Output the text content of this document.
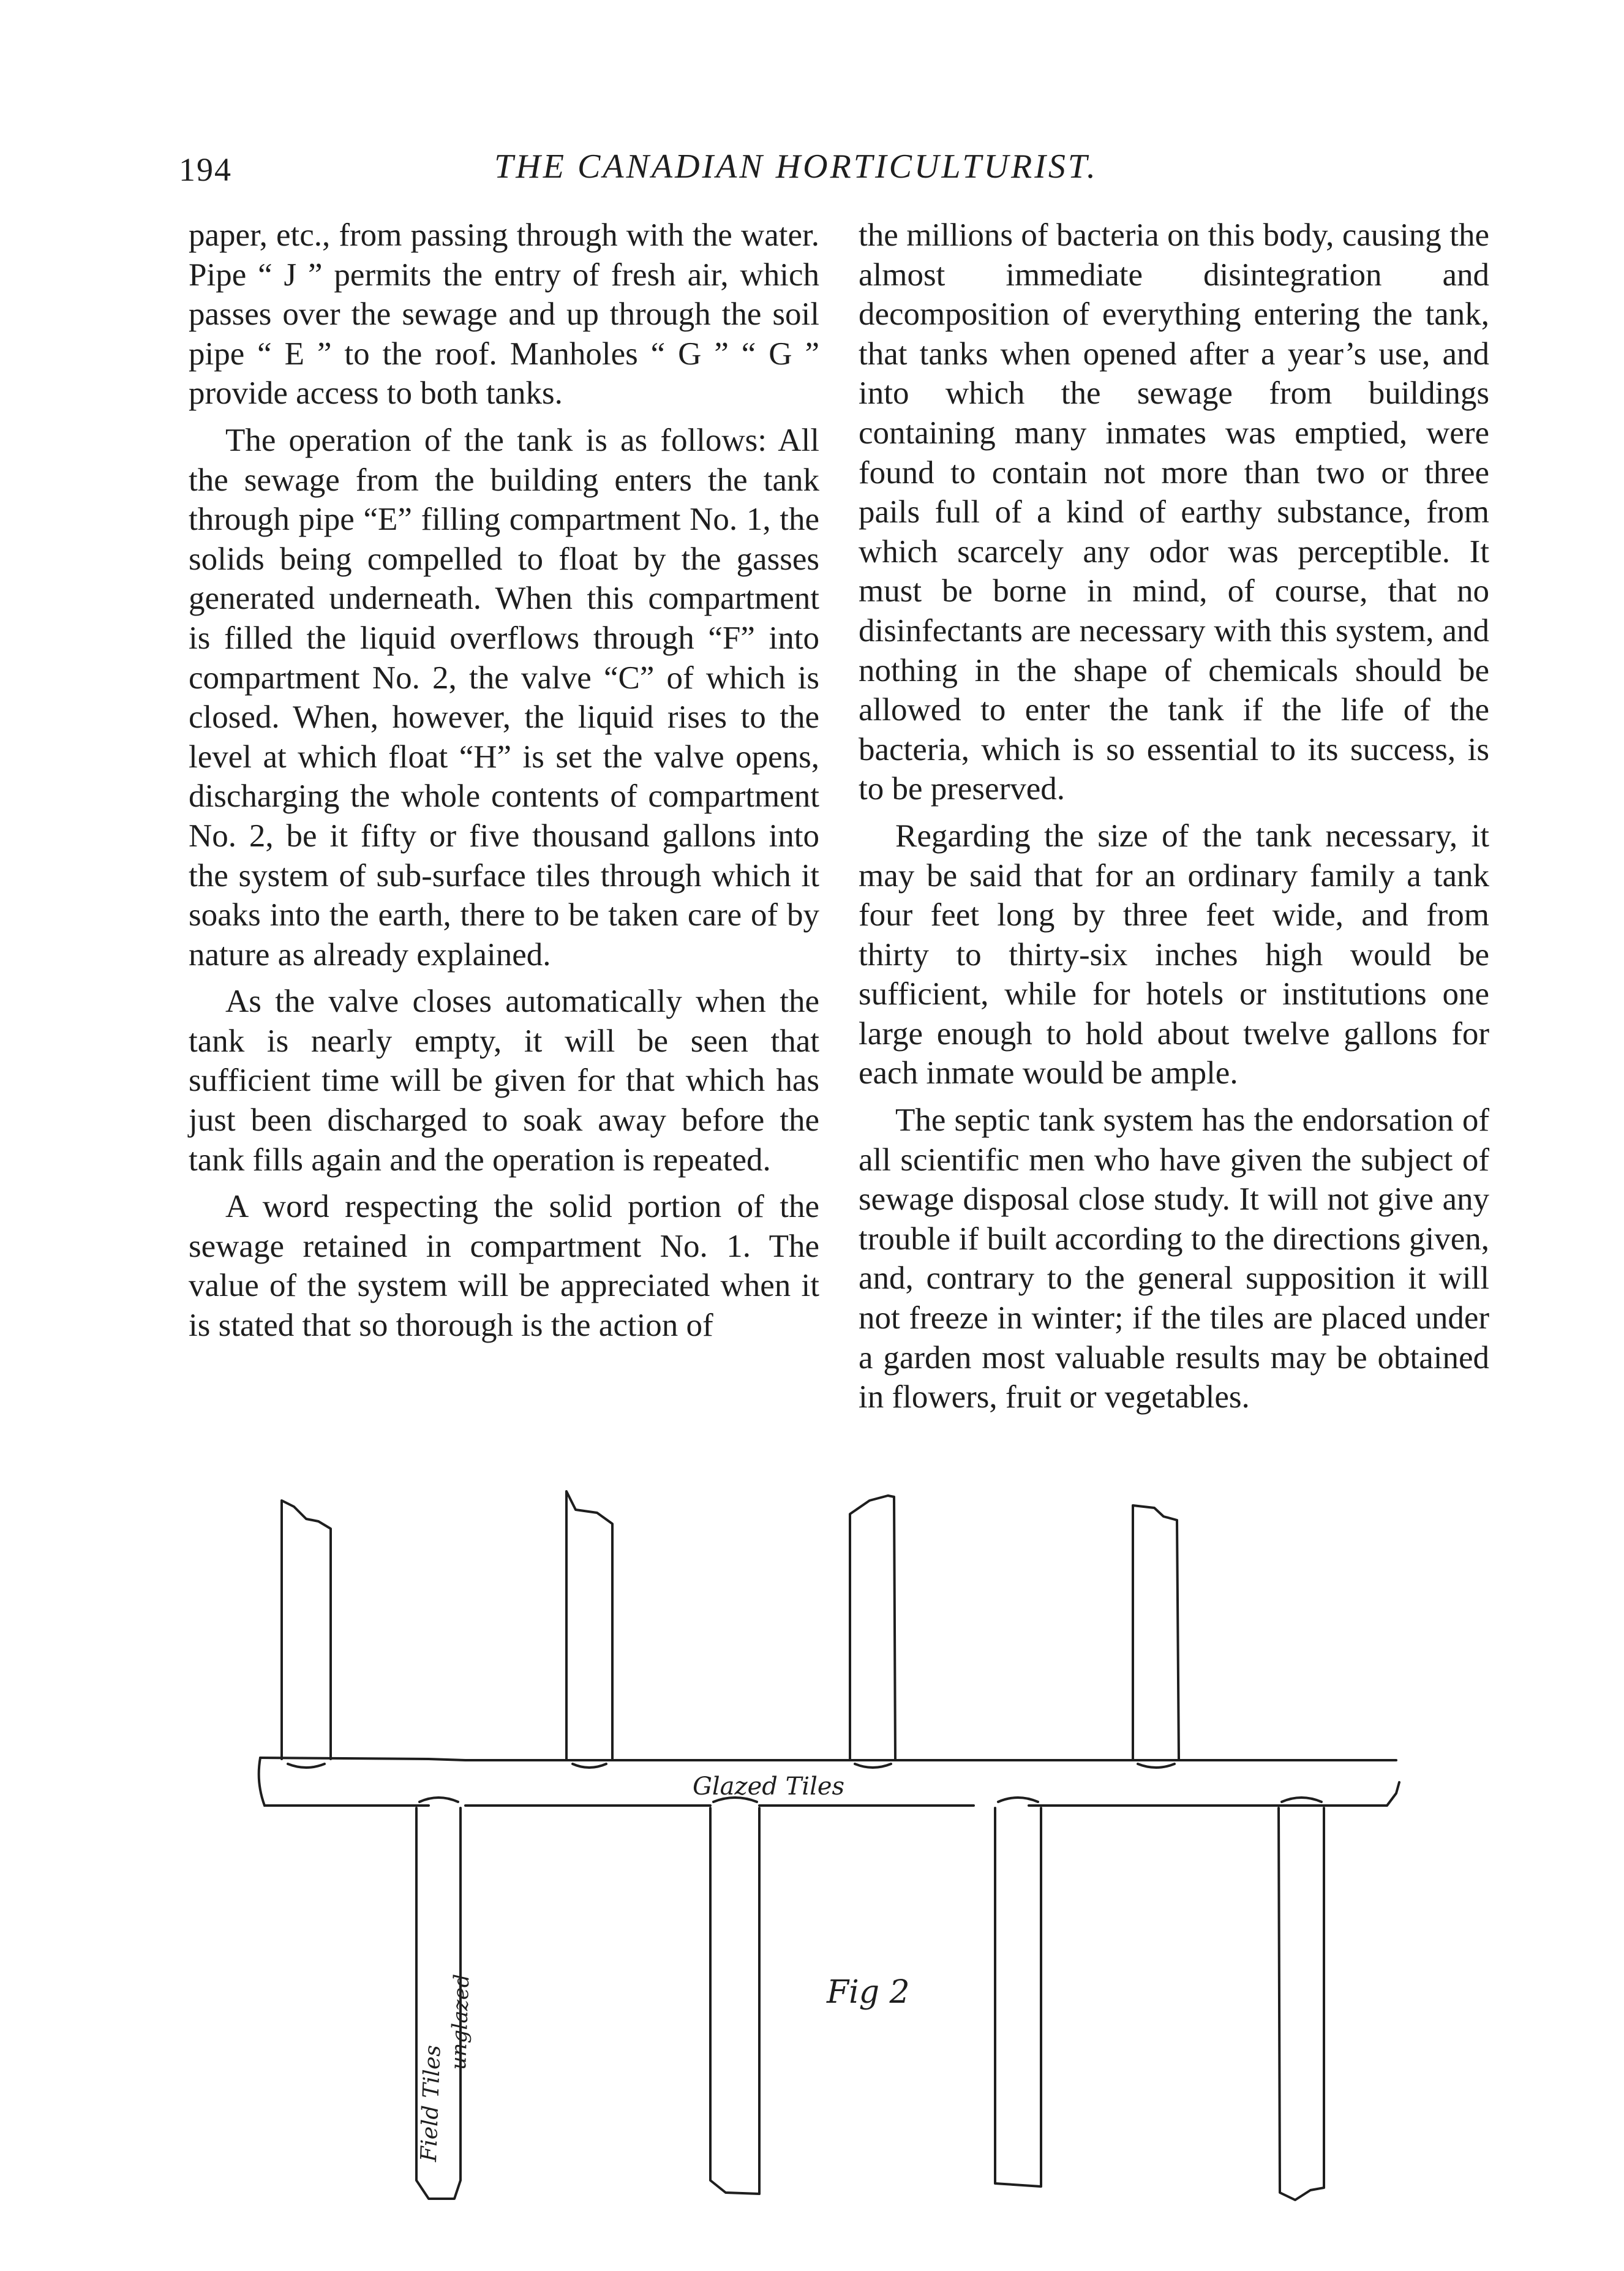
194	THE CANADIAN HORTICULTURIST.

paper, etc., from passing through with the water. Pipe “ J ” permits the entry of fresh air, which passes over the sewage and up through the soil pipe “ E ” to the roof. Manholes “ G ” “ G ” provide access to both tanks.

The operation of the tank is as follows: All the sewage from the building enters the tank through pipe “E” filling compartment No. 1, the solids being compelled to float by the gasses generated underneath. When this compartment is filled the liquid overflows through “F” into compartment No. 2, the valve “C” of which is closed. When, however, the liquid rises to the level at which float “H” is set the valve opens, discharging the whole contents of compartment No. 2, be it fifty or five thousand gallons into the system of sub-surface tiles through which it soaks into the earth, there to be taken care of by nature as already explained.

As the valve closes automatically when the tank is nearly empty, it will be seen that sufficient time will be given for that which has just been discharged to soak away before the tank fills again and the operation is repeated.

A word respecting the solid portion of the sewage retained in compartment No. 1. The value of the system will be appreciated when it is stated that so thorough is the action of

the millions of bacteria on this body, causing the almost immediate disintegration and decomposition of everything entering the tank, that tanks when opened after a year’s use, and into which the sewage from buildings containing many inmates was emptied, were found to contain not more than two or three pails full of a kind of earthy substance, from which scarcely any odor was perceptible. It must be borne in mind, of course, that no disinfectants are necessary with this system, and nothing in the shape of chemicals should be allowed to enter the tank if the life of the bacteria, which is so essential to its success, is to be preserved.

Regarding the size of the tank necessary, it may be said that for an ordinary family a tank four feet long by three feet wide, and from thirty to thirty-six inches high would be sufficient, while for hotels or institutions one large enough to hold about twelve gallons for each inmate would be ample.

The septic tank system has the endorsation of all scientific men who have given the subject of sewage disposal close study. It will not give any trouble if built according to the directions given, and, contrary to the general supposition it will not freeze in winter; if the tiles are placed under a garden most valuable results may be obtained in flowers, fruit or vegetables.

Glazed Tiles
Field Tiles
unglazed	Fig 2
